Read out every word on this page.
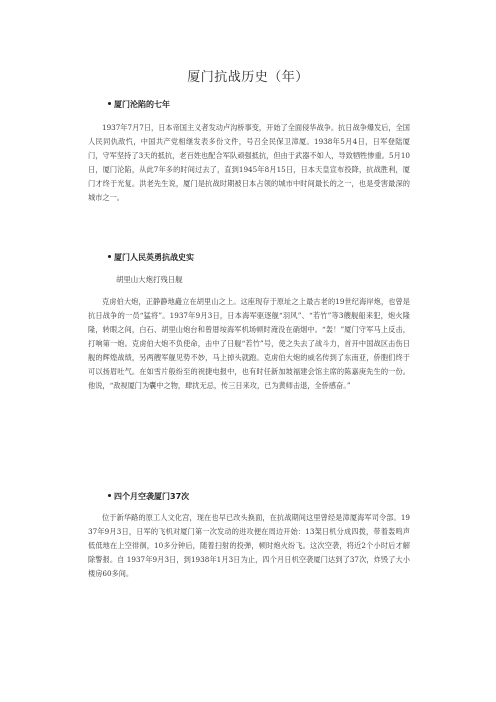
厦门抗战历史（年）
厦门沦陷的七年
1937年7月7日，日本帝国主义者发动卢沟桥事变，开始了全面侵华战争。抗日战争爆发后，全国人民同仇敌忾，中国共产党相继发表多份文件，号召全民保卫漳厦。1938年5月4日，日军登陆厦门，守军坚持了3天的抵抗，老百姓也配合军队顽强抵抗，但由于武器不如人，导致牺牲惨重。5月10日，厦门沦陷，从此7年多的时间过去了，直到1945年8月15日，日本天皇宣布投降，抗战胜利，厦门才终于光复。洪老先生说，厦门是抗战时期被日本占领的城市中时间最长的之一，也是受害最深的城市之一。
厦门人民英勇抗战史实
胡里山大炮打残日舰
克虏伯大炮，正静静地矗立在胡里山之上。这座现存于原址之上最古老的19世纪海岸炮，也曾是抗日战争的一员“猛将”。1937年9月3日，日本海军驱逐舰“羽风”、“若竹”等3艘舰船来犯，炮火隆隆，转眼之间，白石、胡里山炮台和曾厝垵海军机场顿时淹没在硝烟中。“轰！”厦门守军马上反击，打响第一炮。克虏伯大炮不负使命，击中了日舰“若竹”号，使之失去了战斗力，首开中国战区击伤日舰的辉煌战绩，另两艘军舰见势不妙，马上掉头就跑。克虏伯大炮的威名传到了东南亚，侨胞们终于可以扬眉吐气。在如雪片般纷至的祝捷电报中，也有时任新加坡福建会馆主席的陈嘉庚先生的一份。他说，“敌视厦门为囊中之物，肆扰无忌，传三日来攻，已为黄师击退，全侨感奋。”
四个月空袭厦门37次
位于新华路的原工人文化宫，现在也早已改头换面，在抗战期间这里曾经是漳厦海军司令部。1937年9月3日，日军的飞机对厦门第一次发动的进攻便在周边开始：13架日机分成四拨，带着轰鸣声低低地在上空徘徊，10多分钟后，随着扫射的投弹，顿时炮火纷飞。这次空袭，将近2个小时后才解除警报。自 1937年9月3日，到1938年1月3日为止，四个月日机空袭厦门达到了37次，炸毁了大小楼房60多间。
